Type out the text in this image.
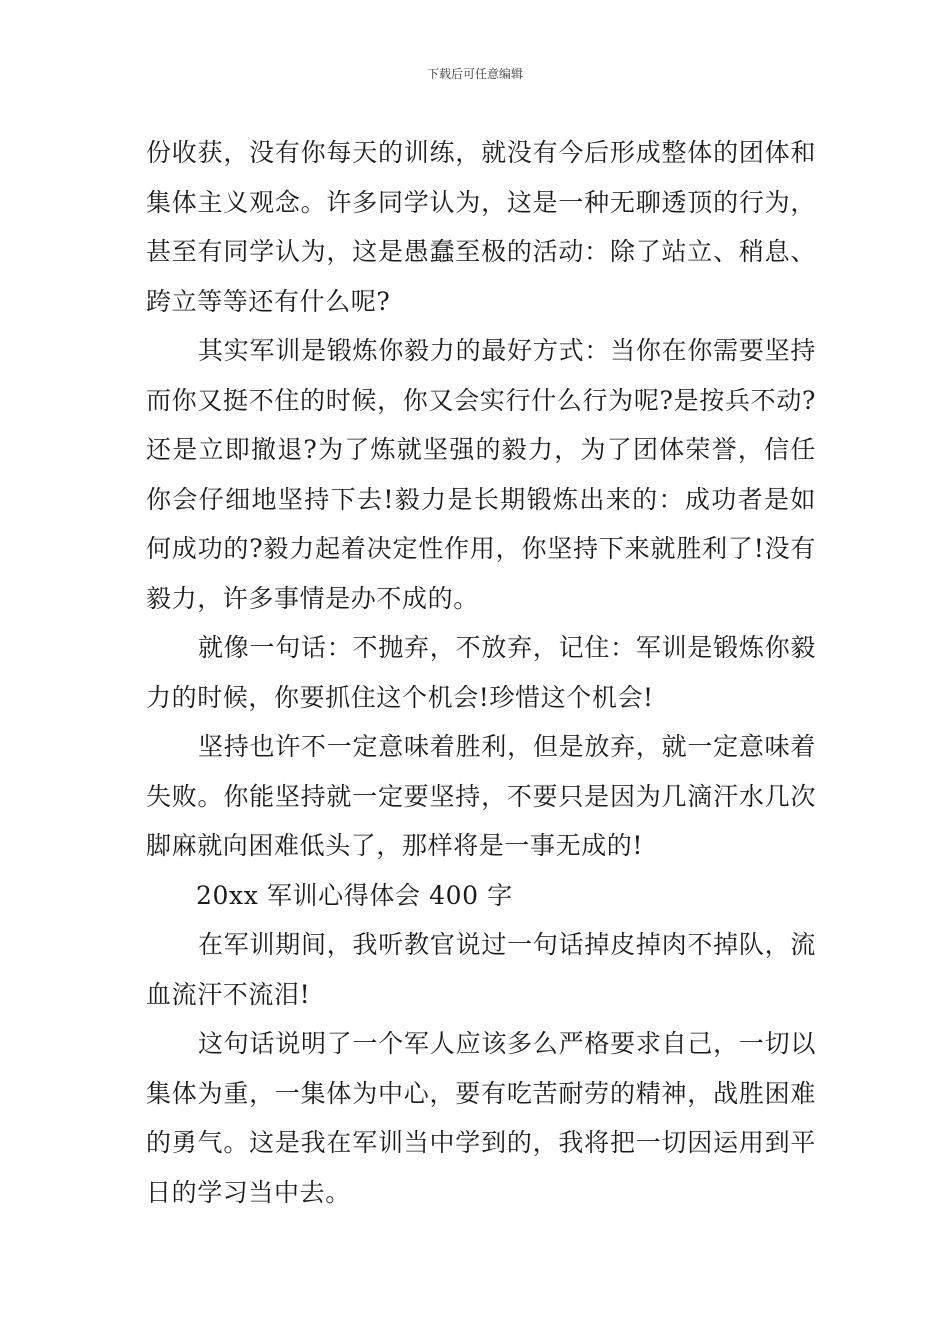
下载后可任意编辑

份收获，没有你每天的训练，就没有今后形成整体的团体和集体主义观念。许多同学认为，这是一种无聊透顶的行为，甚至有同学认为，这是愚蠢至极的活动：除了站立、稍息、跨立等等还有什么呢?

其实军训是锻炼你毅力的最好方式：当你在你需要坚持而你又挺不住的时候，你又会实行什么行为呢?是按兵不动?还是立即撤退?为了炼就坚强的毅力，为了团体荣誉，信任你会仔细地坚持下去!毅力是长期锻炼出来的：成功者是如何成功的?毅力起着决定性作用，你坚持下来就胜利了!没有毅力，许多事情是办不成的。

就像一句话：不抛弃，不放弃，记住：军训是锻炼你毅力的时候，你要抓住这个机会!珍惜这个机会!

坚持也许不一定意味着胜利，但是放弃，就一定意味着失败。你能坚持就一定要坚持，不要只是因为几滴汗水几次脚麻就向困难低头了，那样将是一事无成的!

20xx 军训心得体会 400 字

在军训期间，我听教官说过一句话掉皮掉肉不掉队，流血流汗不流泪!

这句话说明了一个军人应该多么严格要求自己，一切以集体为重，一集体为中心，要有吃苦耐劳的精神，战胜困难的勇气。这是我在军训当中学到的，我将把一切因运用到平日的学习当中去。
